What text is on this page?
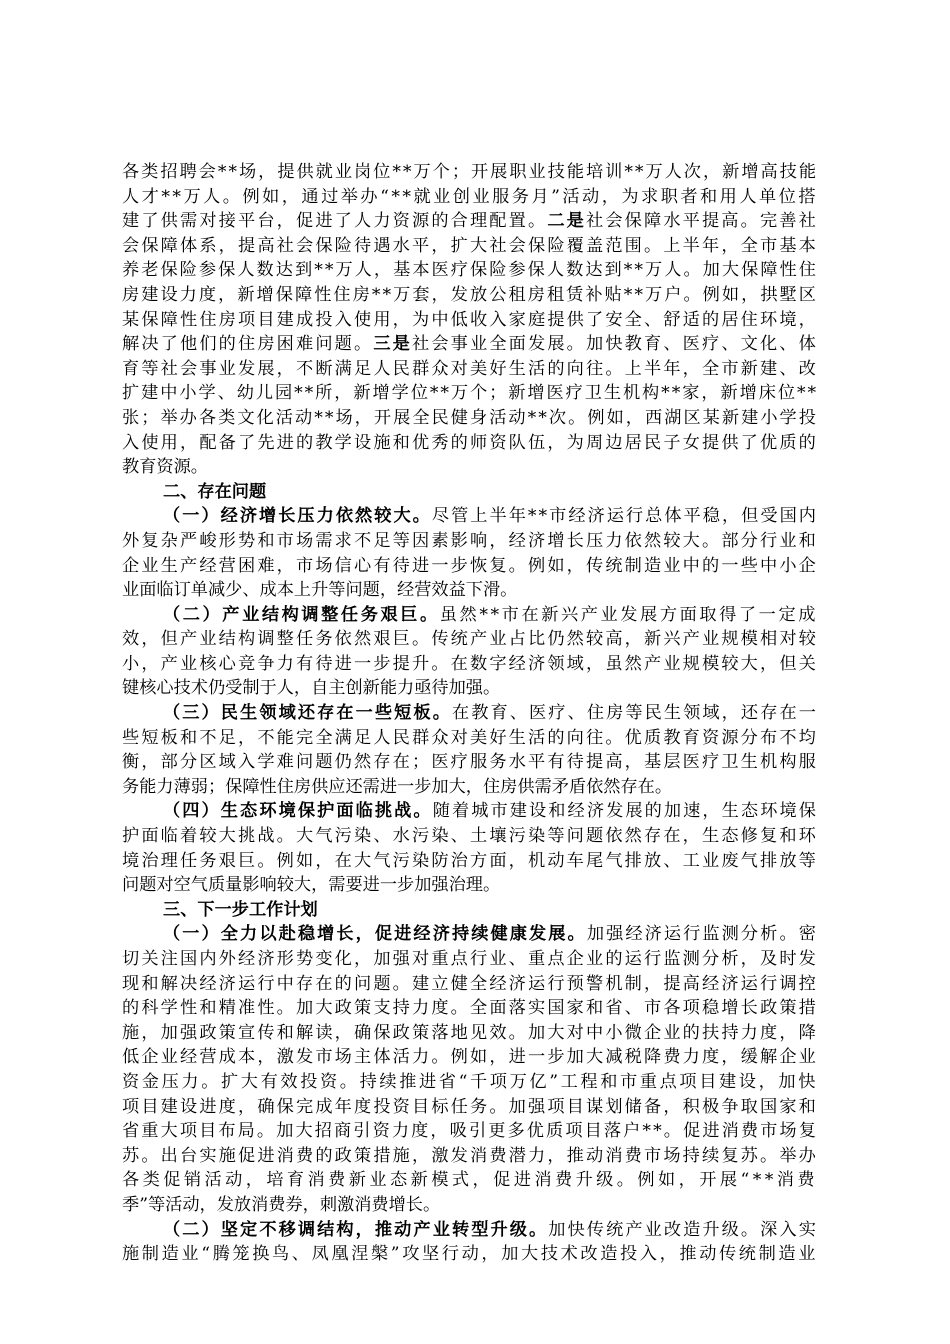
各类招聘会**场，提供就业岗位**万个；开展职业技能培训**万人次，新增高技能
人才**万人。例如，通过举办“**就业创业服务月”活动，为求职者和用人单位搭
建了供需对接平台，促进了人力资源的合理配置。二是社会保障水平提高。完善社
会保障体系，提高社会保险待遇水平，扩大社会保险覆盖范围。上半年，全市基本
养老保险参保人数达到**万人，基本医疗保险参保人数达到**万人。加大保障性住
房建设力度，新增保障性住房**万套，发放公租房租赁补贴**万户。例如，拱墅区
某保障性住房项目建成投入使用，为中低收入家庭提供了安全、舒适的居住环境，
解决了他们的住房困难问题。三是社会事业全面发展。加快教育、医疗、文化、体
育等社会事业发展，不断满足人民群众对美好生活的向往。上半年，全市新建、改
扩建中小学、幼儿园**所，新增学位**万个；新增医疗卫生机构**家，新增床位**
张；举办各类文化活动**场，开展全民健身活动**次。例如，西湖区某新建小学投
入使用，配备了先进的教学设施和优秀的师资队伍，为周边居民子女提供了优质的
教育资源。

二、存在问题

（一）经济增长压力依然较大。尽管上半年**市经济运行总体平稳，但受国内
外复杂严峻形势和市场需求不足等因素影响，经济增长压力依然较大。部分行业和
企业生产经营困难，市场信心有待进一步恢复。例如，传统制造业中的一些中小企
业面临订单减少、成本上升等问题，经营效益下滑。

（二）产业结构调整任务艰巨。虽然**市在新兴产业发展方面取得了一定成
效，但产业结构调整任务依然艰巨。传统产业占比仍然较高，新兴产业规模相对较
小，产业核心竞争力有待进一步提升。在数字经济领域，虽然产业规模较大，但关
键核心技术仍受制于人，自主创新能力亟待加强。

（三）民生领域还存在一些短板。在教育、医疗、住房等民生领域，还存在一
些短板和不足，不能完全满足人民群众对美好生活的向往。优质教育资源分布不均
衡，部分区域入学难问题仍然存在；医疗服务水平有待提高，基层医疗卫生机构服
务能力薄弱；保障性住房供应还需进一步加大，住房供需矛盾依然存在。

（四）生态环境保护面临挑战。随着城市建设和经济发展的加速，生态环境保
护面临着较大挑战。大气污染、水污染、土壤污染等问题依然存在，生态修复和环
境治理任务艰巨。例如，在大气污染防治方面，机动车尾气排放、工业废气排放等
问题对空气质量影响较大，需要进一步加强治理。

三、下一步工作计划

（一）全力以赴稳增长，促进经济持续健康发展。加强经济运行监测分析。密
切关注国内外经济形势变化，加强对重点行业、重点企业的运行监测分析，及时发
现和解决经济运行中存在的问题。建立健全经济运行预警机制，提高经济运行调控
的科学性和精准性。加大政策支持力度。全面落实国家和省、市各项稳增长政策措
施，加强政策宣传和解读，确保政策落地见效。加大对中小微企业的扶持力度，降
低企业经营成本，激发市场主体活力。例如，进一步加大减税降费力度，缓解企业
资金压力。扩大有效投资。持续推进省“千项万亿”工程和市重点项目建设，加快
项目建设进度，确保完成年度投资目标任务。加强项目谋划储备，积极争取国家和
省重大项目布局。加大招商引资力度，吸引更多优质项目落户**。促进消费市场复
苏。出台实施促进消费的政策措施，激发消费潜力，推动消费市场持续复苏。举办
各类促销活动，培育消费新业态新模式，促进消费升级。例如，开展“**消费
季”等活动，发放消费券，刺激消费增长。

（二）坚定不移调结构，推动产业转型升级。加快传统产业改造升级。深入实
施制造业“腾笼换鸟、凤凰涅槃”攻坚行动，加大技术改造投入，推动传统制造业
